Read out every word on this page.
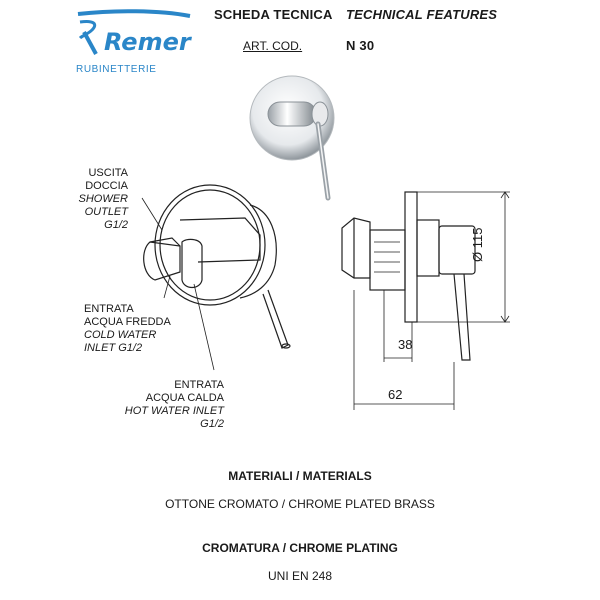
Remer
RUBINETTERIE
SCHEDA TECNICA TECHNICAL FEATURES
ART. COD.	N 30
USCITA
DOCCIA
SHOWER
OUTLET
G1/2
ENTRATA
ACQUA FREDDA
COLD WATER
INLET G1/2
ENTRATA
ACQUA CALDA
HOT WATER INLET
G1/2
Ø 115
38
62
MATERIALI / MATERIALS
OTTONE CROMATO / CHROME PLATED BRASS
CROMATURA / CHROME PLATING
UNI EN 248
